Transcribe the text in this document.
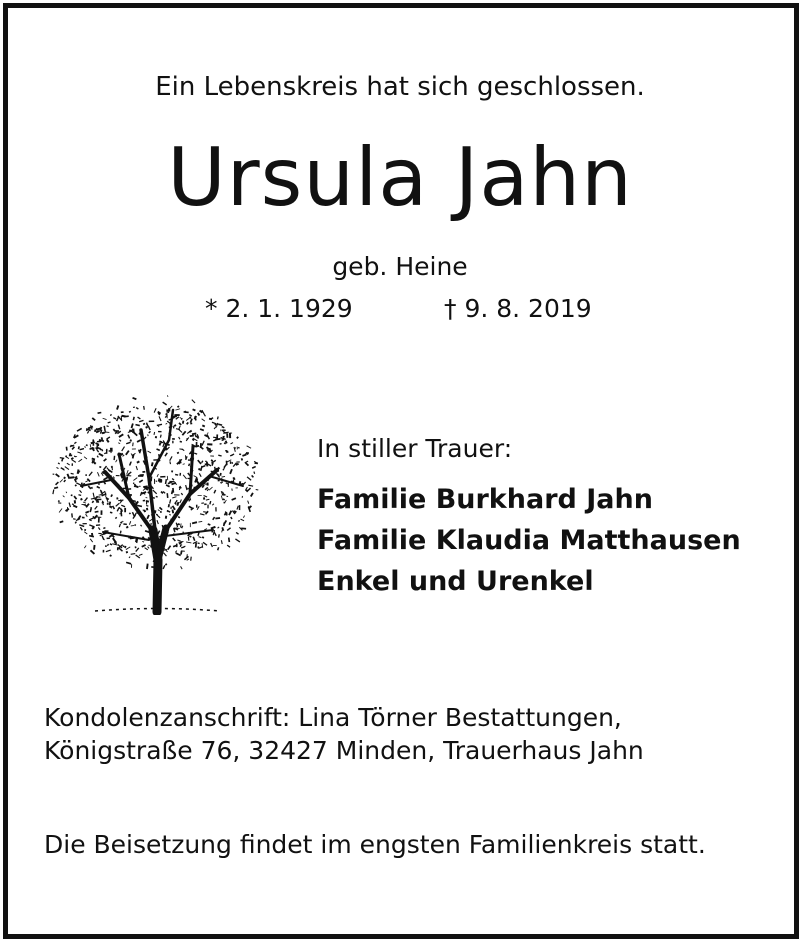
Ein Lebenskreis hat sich geschlossen.
Ursula Jahn
geb. Heine
* 2. 1. 1929	† 9. 8. 2019
In stiller Trauer:
Familie Burkhard Jahn
Familie Klaudia Matthausen
Enkel und Urenkel
Kondolenzanschrift: Lina Törner Bestattungen,
Königstraße 76, 32427 Minden, Trauerhaus Jahn
Die Beisetzung findet im engsten Familienkreis statt.
